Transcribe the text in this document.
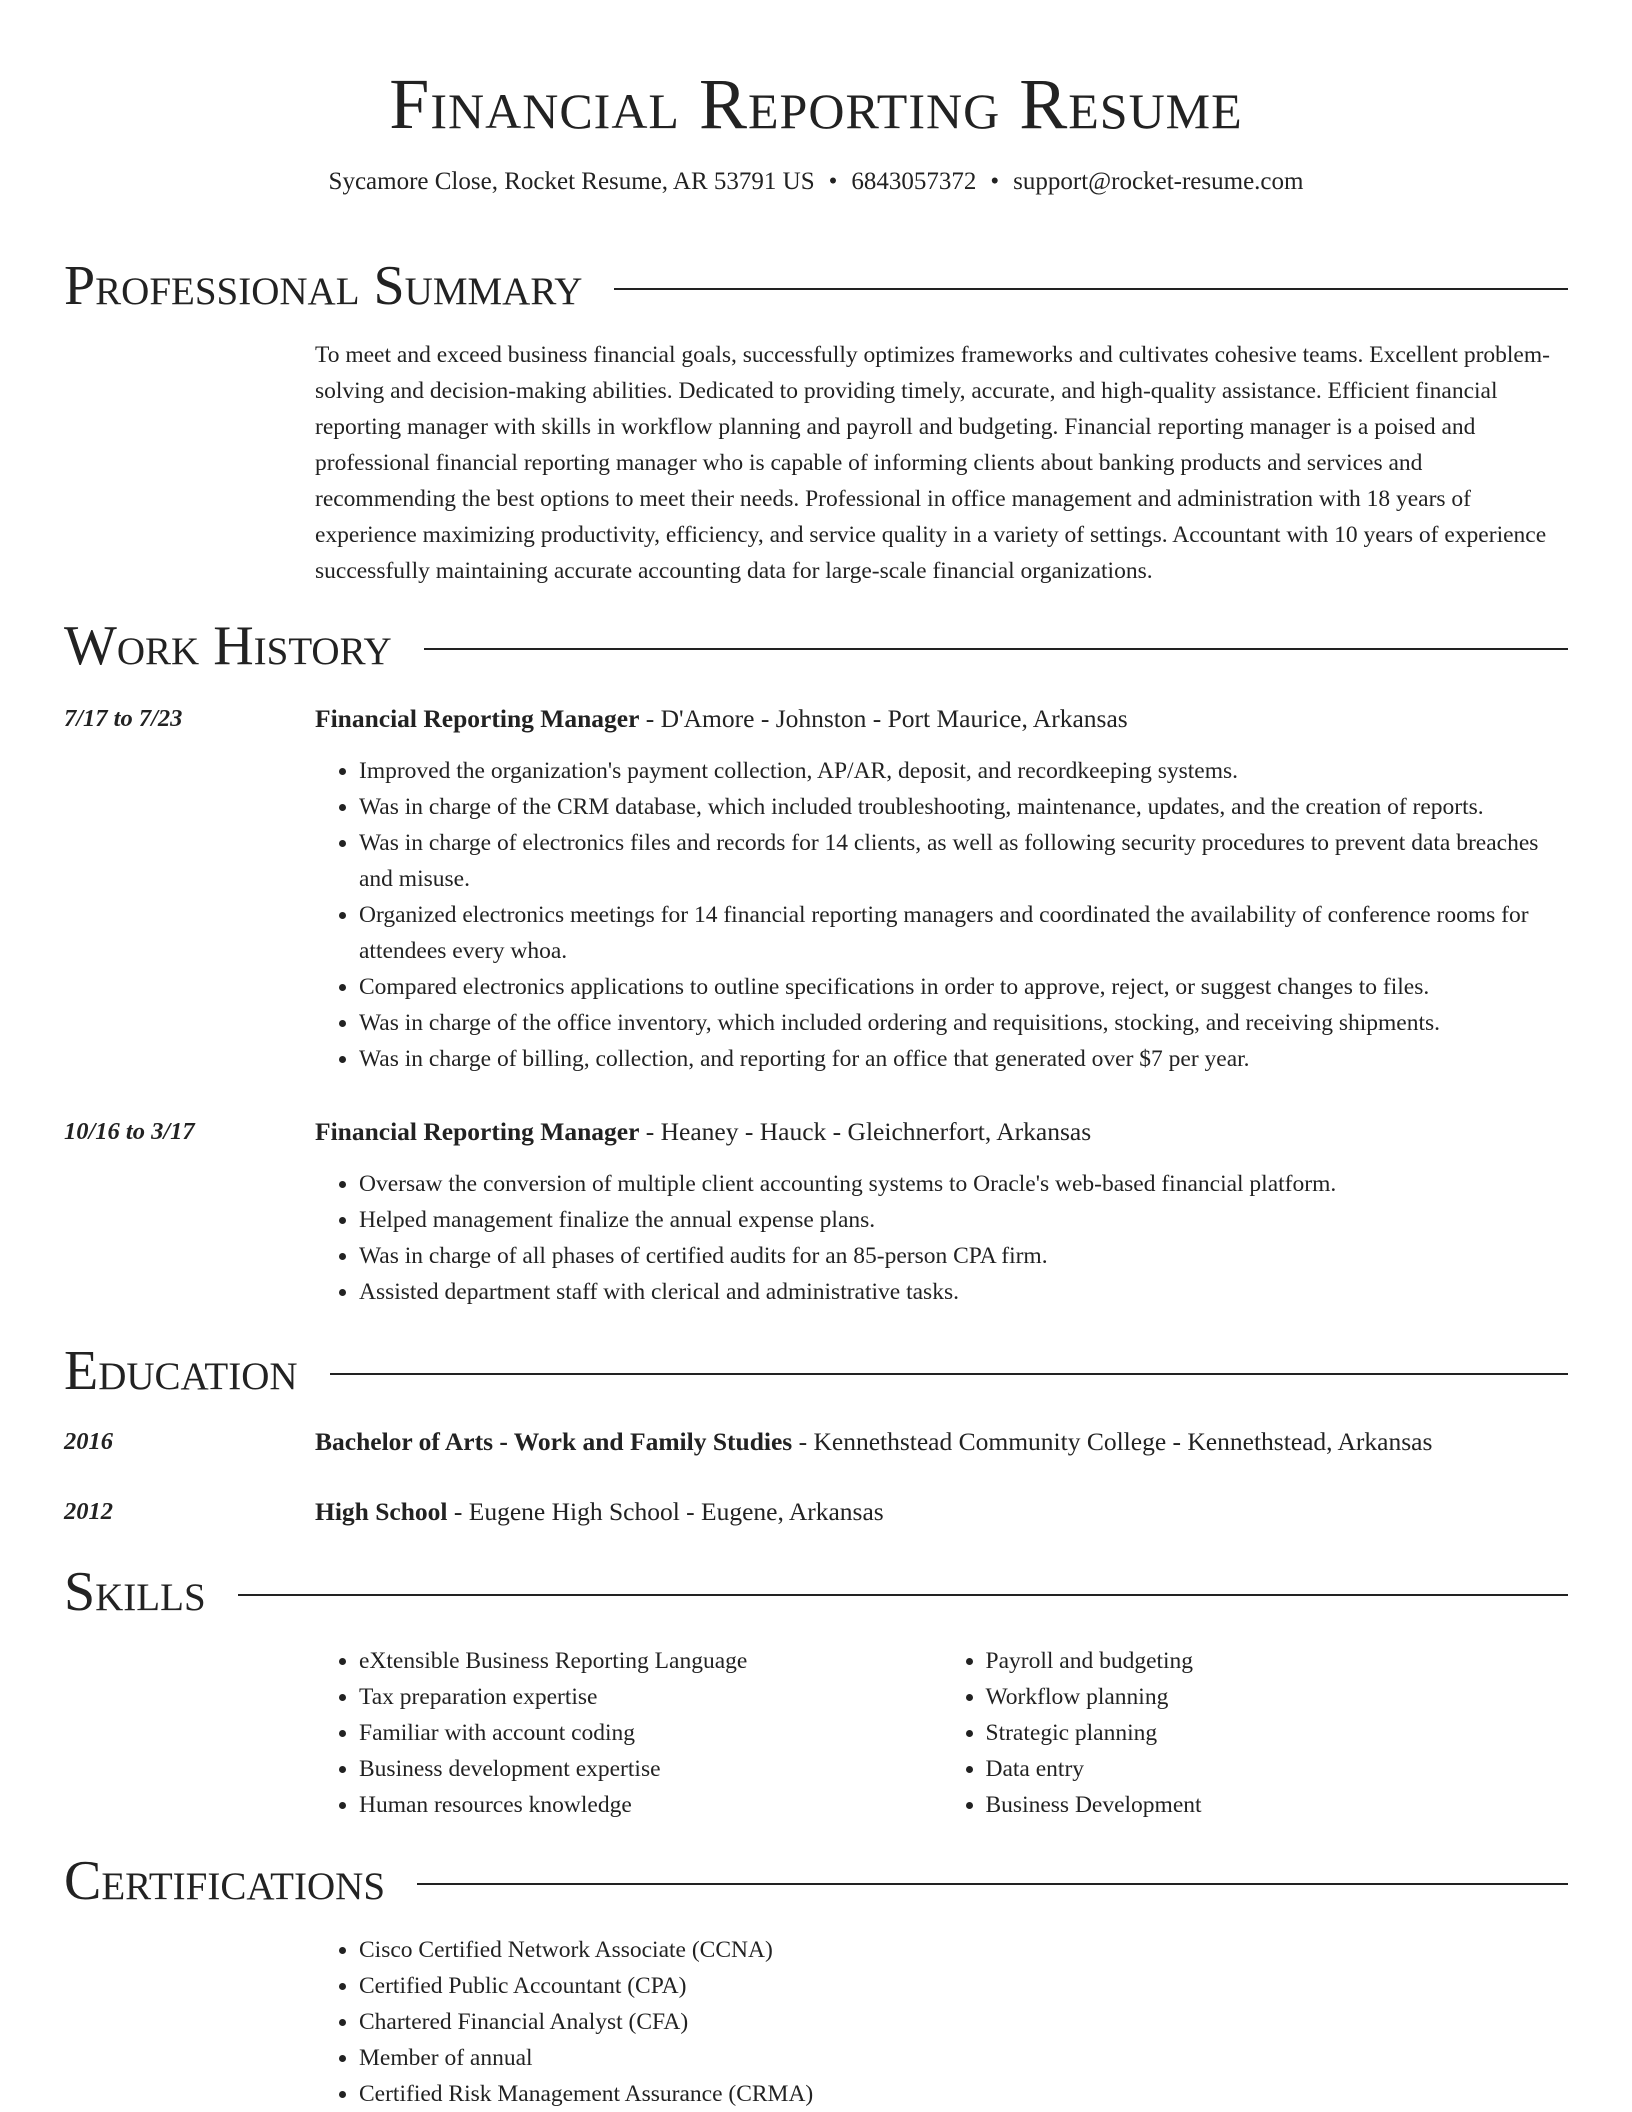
Financial Reporting Resume
Sycamore Close, Rocket Resume, AR 53791 US • 6843057372 • support@rocket-resume.com
Professional Summary
To meet and exceed business financial goals, successfully optimizes frameworks and cultivates cohesive teams. Excellent problem-solving and decision-making abilities. Dedicated to providing timely, accurate, and high-quality assistance. Efficient financial reporting manager with skills in workflow planning and payroll and budgeting. Financial reporting manager is a poised and professional financial reporting manager who is capable of informing clients about banking products and services and recommending the best options to meet their needs. Professional in office management and administration with 18 years of experience maximizing productivity, efficiency, and service quality in a variety of settings. Accountant with 10 years of experience successfully maintaining accurate accounting data for large-scale financial organizations.
Work History
7/17 to 7/23	Financial Reporting Manager - D'Amore - Johnston - Port Maurice, Arkansas
• Improved the organization's payment collection, AP/AR, deposit, and recordkeeping systems.
• Was in charge of the CRM database, which included troubleshooting, maintenance, updates, and the creation of reports.
• Was in charge of electronics files and records for 14 clients, as well as following security procedures to prevent data breaches and misuse.
• Organized electronics meetings for 14 financial reporting managers and coordinated the availability of conference rooms for attendees every whoa.
• Compared electronics applications to outline specifications in order to approve, reject, or suggest changes to files.
• Was in charge of the office inventory, which included ordering and requisitions, stocking, and receiving shipments.
• Was in charge of billing, collection, and reporting for an office that generated over $7 per year.
10/16 to 3/17	Financial Reporting Manager - Heaney - Hauck - Gleichnerfort, Arkansas
• Oversaw the conversion of multiple client accounting systems to Oracle's web-based financial platform.
• Helped management finalize the annual expense plans.
• Was in charge of all phases of certified audits for an 85-person CPA firm.
• Assisted department staff with clerical and administrative tasks.
Education
2016	Bachelor of Arts - Work and Family Studies - Kennethstead Community College - Kennethstead, Arkansas
2012	High School - Eugene High School - Eugene, Arkansas
Skills
• eXtensible Business Reporting Language
• Tax preparation expertise
• Familiar with account coding
• Business development expertise
• Human resources knowledge
• Payroll and budgeting
• Workflow planning
• Strategic planning
• Data entry
• Business Development
Certifications
• Cisco Certified Network Associate (CCNA)
• Certified Public Accountant (CPA)
• Chartered Financial Analyst (CFA)
• Member of annual
• Certified Risk Management Assurance (CRMA)
